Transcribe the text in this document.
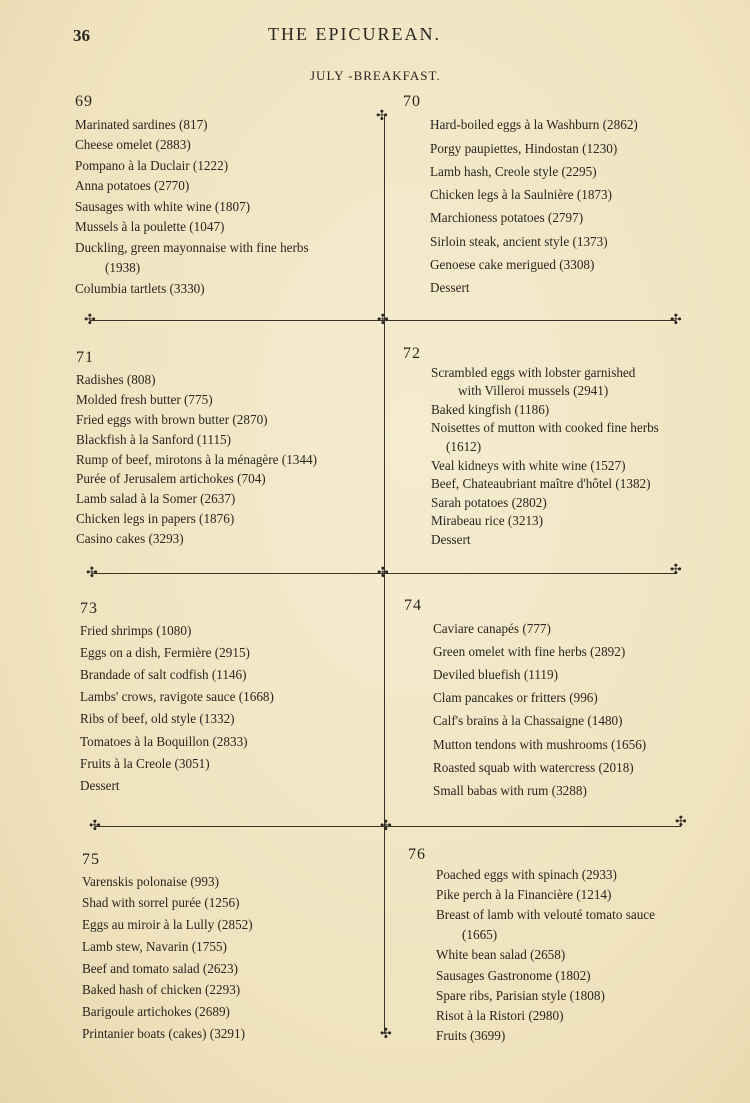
36	THE EPICUREAN.
JULY -BREAKFAST.
✣
✣	✣	✣
✣	✣	✣
✣	✣	✣
✣
69
Marinated sardines (817)
Cheese omelet (2883)
Pompano à la Duclair (1222)
Anna potatoes (2770)
Sausages with white wine (1807)
Mussels à la poulette (1047)
Duckling, green mayonnaise with fine herbs
(1938)
Columbia tartlets (3330)
70
Hard-boiled eggs à la Washburn (2862)
Porgy paupiettes, Hindostan (1230)
Lamb hash, Creole style (2295)
Chicken legs à la Saulnière (1873)
Marchioness potatoes (2797)
Sirloin steak, ancient style (1373)
Genoese cake merigued (3308)
Dessert
71
Radishes (808)
Molded fresh butter (775)
Fried eggs with brown butter (2870)
Blackfish à la Sanford (1115)
Rump of beef, mirotons à la ménagère (1344)
Purée of Jerusalem artichokes (704)
Lamb salad à la Somer (2637)
Chicken legs in papers (1876)
Casino cakes (3293)
72
Scrambled eggs with lobster garnished
with Villeroi mussels (2941)
Baked kingfish (1186)
Noisettes of mutton with cooked fine herbs
(1612)
Veal kidneys with white wine (1527)
Beef, Chateaubriant maître d'hôtel (1382)
Sarah potatoes (2802)
Mirabeau rice (3213)
Dessert
73
Fried shrimps (1080)
Eggs on a dish, Fermière (2915)
Brandade of salt codfish (1146)
Lambs' crows, ravigote sauce (1668)
Ribs of beef, old style (1332)
Tomatoes à la Boquillon (2833)
Fruits à la Creole (3051)
Dessert
74
Caviare canapés (777)
Green omelet with fine herbs (2892)
Deviled bluefish (1119)
Clam pancakes or fritters (996)
Calf's brains à la Chassaigne (1480)
Mutton tendons with mushrooms (1656)
Roasted squab with watercress (2018)
Small babas with rum (3288)
75
Varenskis polonaise (993)
Shad with sorrel purée (1256)
Eggs au miroir à la Lully (2852)
Lamb stew, Navarin (1755)
Beef and tomato salad (2623)
Baked hash of chicken (2293)
Barigoule artichokes (2689)
Printanier boats (cakes) (3291)
76
Poached eggs with spinach (2933)
Pike perch à la Financière (1214)
Breast of lamb with velouté tomato sauce
(1665)
White bean salad (2658)
Sausages Gastronome (1802)
Spare ribs, Parisian style (1808)
Risot à la Ristori (2980)
Fruits (3699)
